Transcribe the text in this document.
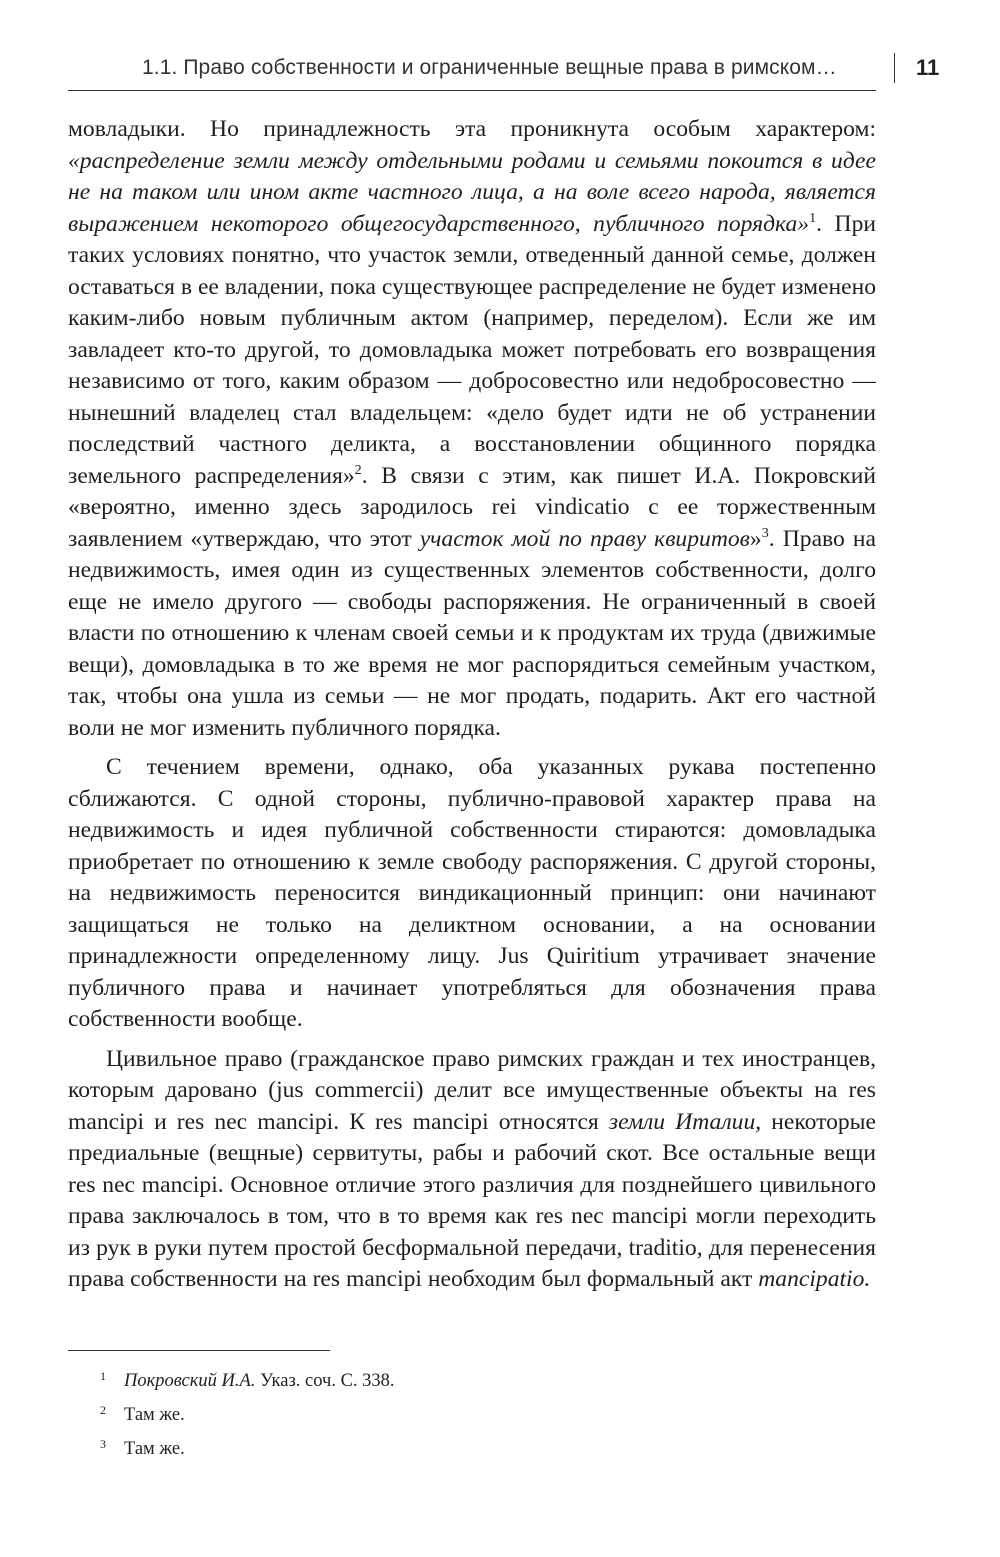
1.1. Право собственности и ограниченные вещные права в римском…	11

мовладыки. Но принадлежность эта проникнута особым характером: «распределение земли между отдельными родами и семьями покоится в идее не на таком или ином акте частного лица, а на воле всего народа, является выражением некоторого общегосударственного, публичного порядка»$^1$. При таких условиях понятно, что участок земли, отведенный данной семье, должен оставаться в ее владении, пока существующее распределение не будет изменено каким-либо новым публичным актом (например, переделом). Если же им завладеет кто-то другой, то домовладыка может потребовать его возвращения независимо от того, каким образом — добросовестно или недобросовестно — нынешний владелец стал владельцем: «дело будет идти не об устранении последствий частного деликта, а восстановлении общинного порядка земельного распределения»$^2$. В связи с этим, как пишет И.А. Покровский «вероятно, именно здесь зародилось rei vindicatio с ее торжественным заявлением «утверждаю, что этот участок мой по праву квиритов»$^3$. Право на недвижимость, имея один из существенных элементов собственности, долго еще не имело другого — свободы распоряжения. Не ограниченный в своей власти по отношению к членам своей семьи и к продуктам их труда (движимые вещи), домовладыка в то же время не мог распорядиться семейным участком, так, чтобы она ушла из семьи — не мог продать, подарить. Акт его частной воли не мог изменить публичного порядка.

С течением времени, однако, оба указанных рукава постепенно сближаются. С одной стороны, публично-правовой характер права на недвижимость и идея публичной собственности стираются: домовладыка приобретает по отношению к земле свободу распоряжения. С другой стороны, на недвижимость переносится виндикационный принцип: они начинают защищаться не только на деликтном основании, а на основании принадлежности определенному лицу. Jus Quiritium утрачивает значение публичного права и начинает употребляться для обозначения права собственности вообще.

Цивильное право (гражданское право римских граждан и тех иностранцев, которым даровано (jus commercii) делит все имущественные объекты на res mancipi и res nec mancipi. К res mancipi относятся земли Италии, некоторые предиальные (вещные) сервитуты, рабы и рабочий скот. Все остальные вещи res nec mancipi. Основное отличие этого различия для позднейшего цивильного права заключалось в том, что в то время как res nec mancipi могли переходить из рук в руки путем простой бесформальной передачи, traditio, для перенесения права собственности на res mancipi необходим был формальный акт mancipatio.

1 Покровский И.А. Указ. соч. С. 338.

2 Там же.

3 Там же.
